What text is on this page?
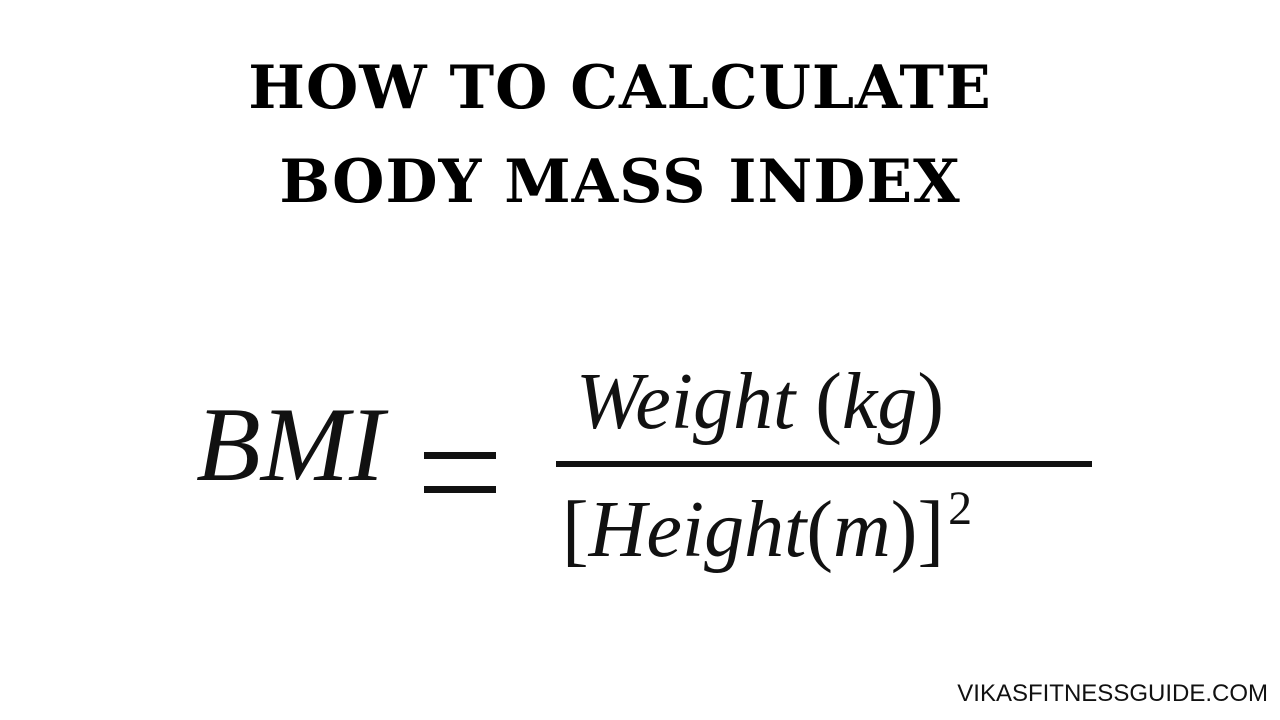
HOW TO CALCULATE
BODY MASS INDEX
BMI Weight (kg)
[Height(m)]$^2$
VIKASFITNESSGUIDE.COM
